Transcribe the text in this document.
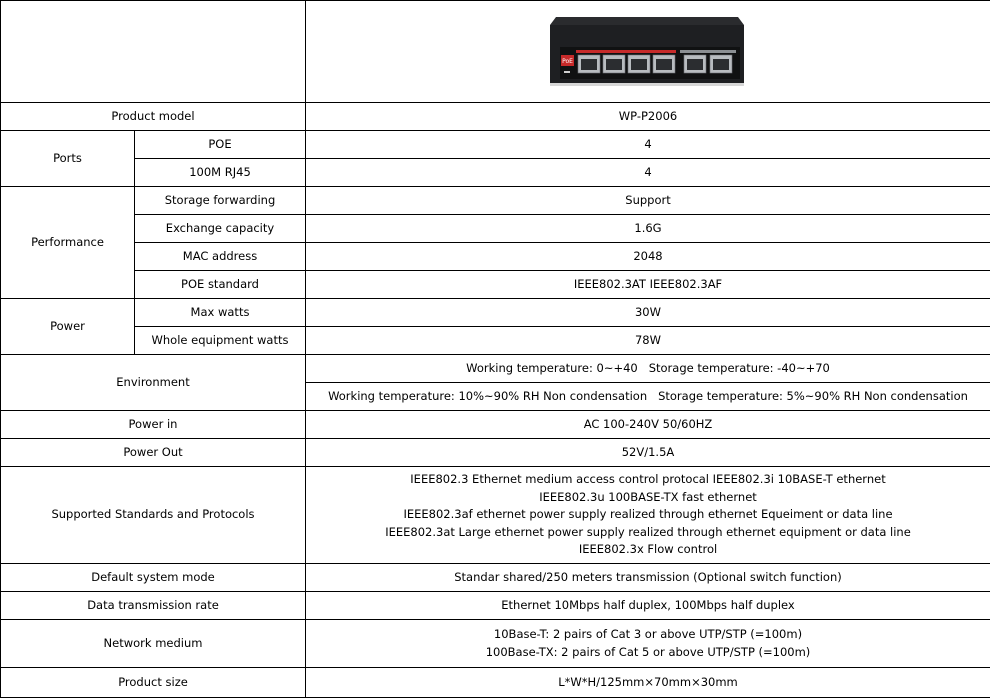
PoE

Product model		WP-P2006
Ports	POE	4
	100M RJ45	4
Performance	Storage forwarding	Support
	Exchange capacity	1.6G
	MAC address	2048
	POE standard	IEEE802.3AT IEEE802.3AF
Power	Max watts	30W
	Whole equipment watts	78W
Environment		Working temperature: 0~+40   Storage temperature: -40~+70
		Working temperature: 10%~90% RH Non condensation   Storage temperature: 5%~90% RH Non condensation
Power in		AC 100-240V 50/60HZ
Power Out		52V/1.5A
Supported Standards and Protocols		IEEE802.3 Ethernet medium access control protocal IEEE802.3i 10BASE-T ethernet
IEEE802.3u 100BASE-TX fast ethernet
IEEE802.3af ethernet power supply realized through ethernet Equeiment or data line
IEEE802.3at Large ethernet power supply realized through ethernet equipment or data line
IEEE802.3x Flow control

Default system mode		Standar shared/250 meters transmission (Optional switch function)
Data transmission rate		Ethernet 10Mbps half duplex, 100Mbps half duplex
Network medium		10Base-T: 2 pairs of Cat 3 or above UTP/STP (=100m)
100Base-TX: 2 pairs of Cat 5 or above UTP/STP (=100m)

Product size		L*W*H/125mm×70mm×30mm
